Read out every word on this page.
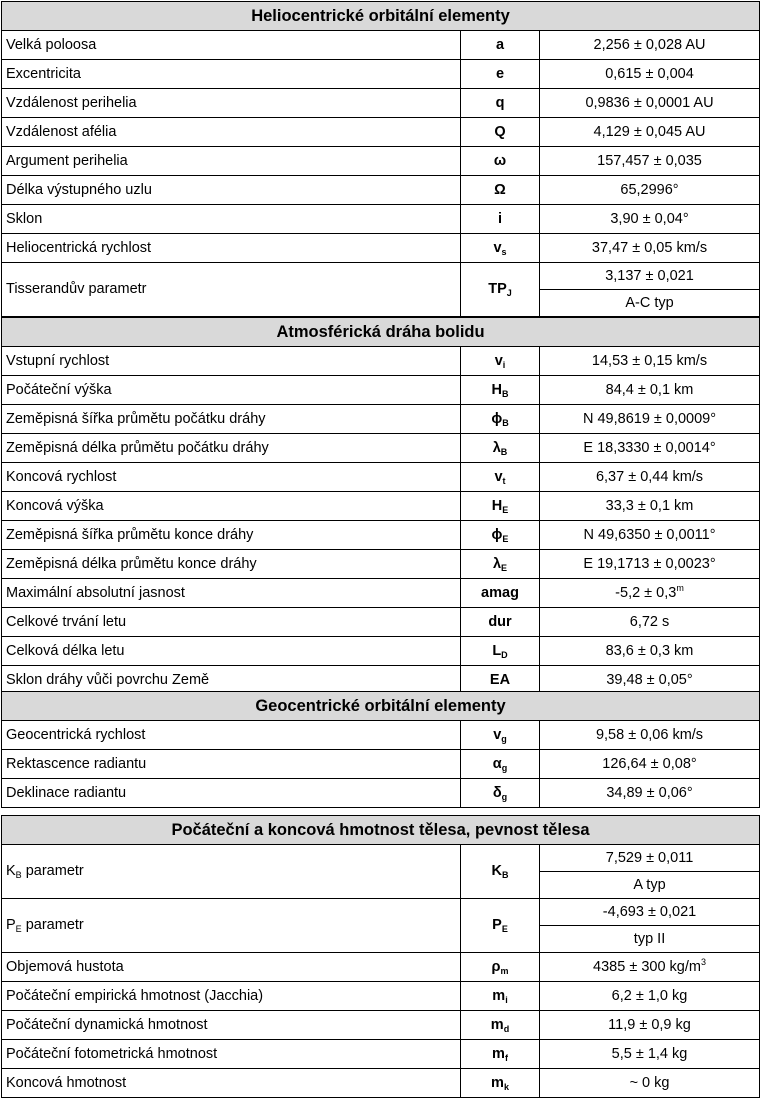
Heliocentrické orbitální elementy		
Velká poloosa	a	2,256 ± 0,028 AU
Excentricita	e	0,615 ± 0,004
Vzdálenost perihelia	q	0,9836 ± 0,0001 AU
Vzdálenost afélia	Q	4,129 ± 0,045 AU
Argument perihelia	ω	157,457 ± 0,035
Délka výstupného uzlu	Ω	65,2996°
Sklon	i	3,90 ± 0,04°
Heliocentrická rychlost	$v_s$	37,47 ± 0,05 km/s
Tisserandův parametr	$TP_J$	3,137 ± 0,021
		A-C typ
Atmosférická dráha bolidu		
Vstupní rychlost	$v_i$	14,53 ± 0,15 km/s
Počáteční výška	$H_B$	84,4 ± 0,1 km
Zeměpisná šířka průmětu počátku dráhy	$\phi_B$	N 49,8619 ± 0,0009°
Zeměpisná délka průmětu počátku dráhy	$\lambda_B$	E 18,3330 ± 0,0014°
Koncová rychlost	$v_t$	6,37 ± 0,44 km/s
Koncová výška	$H_E$	33,3 ± 0,1 km
Zeměpisná šířka průmětu konce dráhy	$\phi_E$	N 49,6350 ± 0,0011°
Zeměpisná délka průmětu konce dráhy	$\lambda_E$	E 19,1713 ± 0,0023°
Maximální absolutní jasnost	amag	$-5,2 \pm 0,3^m$
Celkové trvání letu	dur	6,72 s
Celková délka letu	$L_D$	83,6 ± 0,3 km
Sklon dráhy vůči povrchu Země	EA	39,48 ± 0,05°
Geocentrické orbitální elementy		
Geocentrická rychlost	$v_g$	9,58 ± 0,06 km/s
Rektascence radiantu	$\alpha_g$	126,64 ± 0,08°
Deklinace radiantu	$\delta_g$	34,89 ± 0,06°
Počáteční a koncová hmotnost tělesa, pevnost tělesa		
$K_B$ parametr	$K_B$	7,529 ± 0,011
		A typ
$P_E$ parametr	$P_E$	-4,693 ± 0,021
		typ II
Objemová hustota	$\rho_m$	4385 ± 300 $kg/m^3$
Počáteční empirická hmotnost (Jacchia)	$m_i$	6,2 ± 1,0 kg
Počáteční dynamická hmotnost	$m_d$	11,9 ± 0,9 kg
Počáteční fotometrická hmotnost	$m_f$	5,5 ± 1,4 kg
Koncová hmotnost	$m_k$	~ 0 kg
